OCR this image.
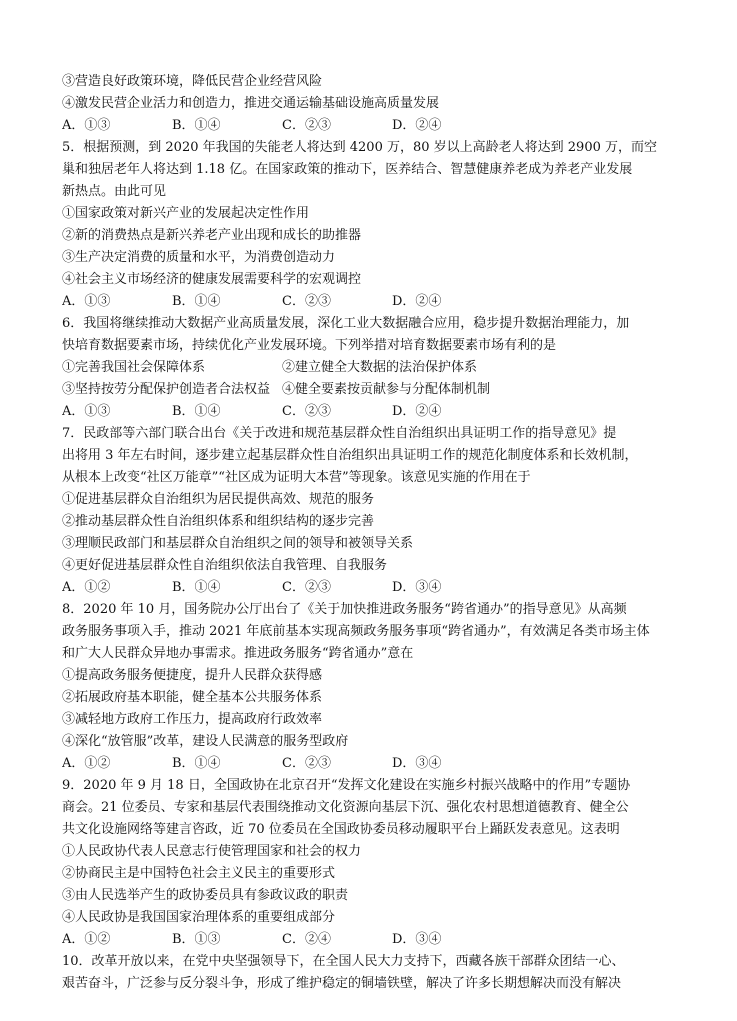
③营造良好政策环境，降低民营企业经营风险
④激发民营企业活力和创造力，推进交通运输基础设施高质量发展
A．①③	B．①④	C．②③	D．②④
5．根据预测，到 2020 年我国的失能老人将达到 4200 万，80 岁以上高龄老人将达到 2900 万，而空
巢和独居老年人将达到 1.18 亿。在国家政策的推动下，医养结合、智慧健康养老成为养老产业发展
新热点。由此可见
①国家政策对新兴产业的发展起决定性作用
②新的消费热点是新兴养老产业出现和成长的助推器
③生产决定消费的质量和水平，为消费创造动力
④社会主义市场经济的健康发展需要科学的宏观调控
A．①③	B．①④	C．②③	D．②④
6．我国将继续推动大数据产业高质量发展，深化工业大数据融合应用，稳步提升数据治理能力，加
快培育数据要素市场，持续优化产业发展环境。下列举措对培育数据要素市场有利的是
①完善我国社会保障体系	②建立健全大数据的法治保护体系
③坚持按劳分配保护创造者合法权益 ④健全要素按贡献参与分配体制机制
A．①③	B．①④	C．②③	D．②④
7．民政部等六部门联合出台《关于改进和规范基层群众性自治组织出具证明工作的指导意见》提
出将用 3 年左右时间，逐步建立起基层群众性自治组织出具证明工作的规范化制度体系和长效机制，
从根本上改变“社区万能章”“社区成为证明大本营”等现象。该意见实施的作用在于
①促进基层群众自治组织为居民提供高效、规范的服务
②推动基层群众性自治组织体系和组织结构的逐步完善
③理顺民政部门和基层群众自治组织之间的领导和被领导关系
④更好促进基层群众性自治组织依法自我管理、自我服务
A．①②	B．①④	C．②③	D．③④
8．2020 年 10 月，国务院办公厅出台了《关于加快推进政务服务“跨省通办”的指导意见》从高频
政务服务事项入手，推动 2021 年底前基本实现高频政务服务事项“跨省通办”，有效满足各类市场主体
和广大人民群众异地办事需求。推进政务服务“跨省通办”意在
①提高政务服务便捷度，提升人民群众获得感
②拓展政府基本职能，健全基本公共服务体系
③减轻地方政府工作压力，提高政府行政效率
④深化“放管服”改革，建设人民满意的服务型政府
A．①②	B．①④	C．②③	D．③④
9．2020 年 9 月 18 日，全国政协在北京召开“发挥文化建设在实施乡村振兴战略中的作用”专题协
商会。21 位委员、专家和基层代表围绕推动文化资源向基层下沉、强化农村思想道德教育、健全公
共文化设施网络等建言咨政，近 70 位委员在全国政协委员移动履职平台上踊跃发表意见。这表明
①人民政协代表人民意志行使管理国家和社会的权力
②协商民主是中国特色社会主义民主的重要形式
③由人民选举产生的政协委员具有参政议政的职责
④人民政协是我国国家治理体系的重要组成部分
A．①②	B．①③	C．②④	D．③④
10．改革开放以来，在党中央坚强领导下，在全国人民大力支持下，西藏各族干部群众团结一心、
艰苦奋斗，广泛参与反分裂斗争，形成了维护稳定的铜墙铁壁，解决了许多长期想解决而没有解决
